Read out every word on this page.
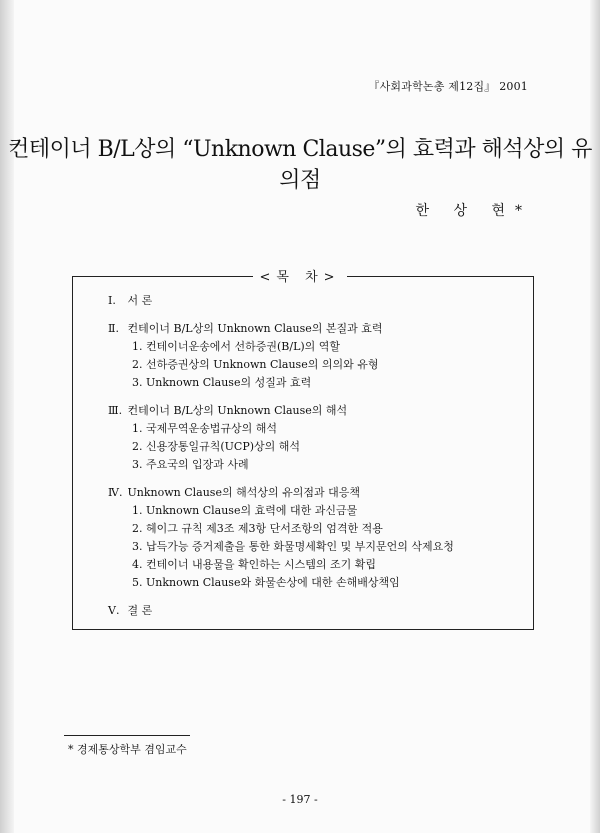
『사회과학논총 제12집』 2001
컨테이너 B/L상의 “Unknown Clause”의 효력과 해석상의 유의점
한 상 현*
<목 차>
Ⅰ. 서 론
Ⅱ. 컨테이너 B/L상의 Unknown Clause의 본질과 효력
1. 컨테이너운송에서 선하증권(B/L)의 역할
2. 선하증권상의 Unknown Clause의 의의와 유형
3. Unknown Clause의 성질과 효력
Ⅲ. 컨테이너 B/L상의 Unknown Clause의 해석
1. 국제무역운송법규상의 해석
2. 신용장통일규칙(UCP)상의 해석
3. 주요국의 입장과 사례
Ⅳ. Unknown Clause의 해석상의 유의점과 대응책
1. Unknown Clause의 효력에 대한 과신금물
2. 헤이그 규칙 제3조 제3항 단서조항의 엄격한 적용
3. 납득가능 증거제출을 통한 화물명세확인 및 부지문언의 삭제요청
4. 컨테이너 내용물을 확인하는 시스템의 조기 확립
5. Unknown Clause와 화물손상에 대한 손해배상책임
Ⅴ. 결 론
* 경제통상학부 겸임교수
- 197 -
